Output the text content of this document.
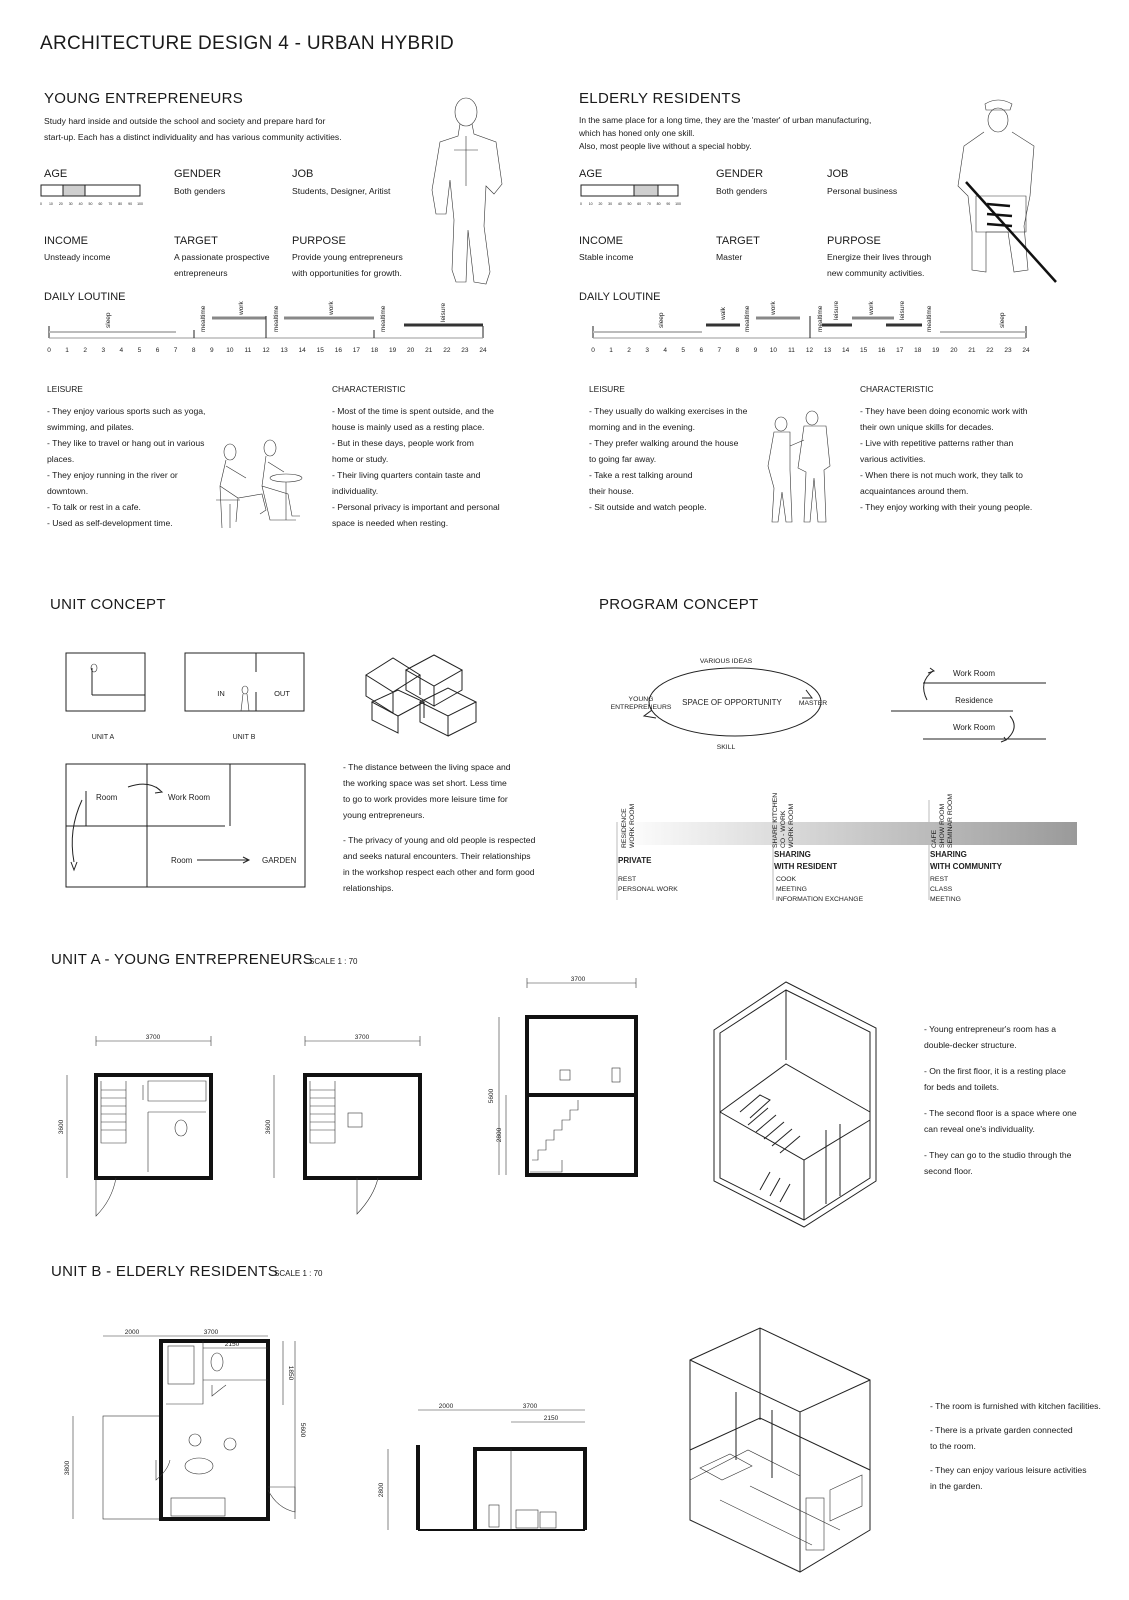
ARCHITECTURE DESIGN 4 - URBAN HYBRID
YOUNG ENTREPRENEURS
Study hard inside and outside the school and society and prepare hard for
start-up. Each has a distinct individuality and has various community activities.
AGE	GENDER
Both genders
JOB
Students, Designer, Aritist
INCOME
Unsteady income
TARGET
A passionate prospective
entrepreneurs
PURPOSE
Provide young entrepreneurs
with opportunities for growth.
DAILY LOUTINE
LEISURE
- They enjoy various sports such as yoga,
swimming, and pilates.
- They like to travel or hang out in various
places.
- They enjoy running in the river or
downtown.
- To talk or rest in a cafe.
- Used as self-development time.
CHARACTERISTIC
- Most of the time is spent outside, and the
house is mainly used as a resting place.
- But in these days, people work from
home or study.
- Their living quarters contain taste and
individuality.
- Personal privacy is important and personal
space is needed when resting.
ELDERLY RESIDENTS
In the same place for a long time, they are the 'master' of urban manufacturing,
which has honed only one skill.
Also, most people live without a special hobby.
AGE	GENDER
Both genders
JOB
Personal business
INCOME
Stable income
TARGET
Master
PURPOSE
Energize their lives through
new community activities.
DAILY LOUTINE
LEISURE
- They usually do walking exercises in the
morning and in the evening.
- They prefer walking around the house
to going far away.
- Take a rest talking around
their house.
- Sit outside and watch people.
CHARACTERISTIC
- They have been doing economic work with
their own unique skills for decades.
- Live with repetitive patterns rather than
various activities.
- When there is not much work, they talk to
acquaintances around them.
- They enjoy working with their young people.
0 10 20 30 40 50 60 70 80 90 100	0 10 20 30 40 50 60 70 80 90 100
sleep	mealtime	work	mealtime	work	mealtime	leisure
0 1 2 3 4 5 6 7 8 9 10 11 12 13 14 15 16 17 18 19 20 21 22 23 24
sleep	walk	mealtime	work	mealtime leisure	work	leisure	mealtime	sleep
0 1 2 3 4 5 6 7 8 9 10 11 12 13 14 15 16 17 18 19 20 21 22 23 24
UNIT CONCEPT
UNIT A
IN	OUT
UNIT B
Room	Work Room
Room	GARDEN
- The distance between the living space and
the working space was set short. Less time
to go to work provides more leisure time for
young entrepreneurs.
- The privacy of young and old people is respected
and seeks natural encounters. Their relationships
in the workshop respect each other and form good
relationships.
PROGRAM CONCEPT
VARIOUS IDEAS
YOUNG
ENTREPRENEURS
SPACE OF OPPORTUNITY MASTER
SKILL
Work Room
Residence
Work Room
RESIDENCE WORK ROOM	SHARE KITCHEN CO - WORK WORK ROOM	CAFE SHOW ROOM SEMINAR ROOM
PRIVATE
REST
PERSONAL WORK
SHARING
WITH RESIDENT
COOK
MEETING
INFORMATION EXCHANGE
SHARING
WITH COMMUNITY
REST
CLASS
MEETING
UNIT A - YOUNG ENTREPRENEURS
SCALE 1 : 70
3700
3600
3700
3600
3700
5600
2800
- Young entrepreneur's room has a
double-decker structure.
- On the first floor, it is a resting place
for beds and toilets.
- The second floor is a space where one
can reveal one's individuality.
- They can go to the studio through the
second floor.
UNIT B - ELDERLY RESIDENTS
SCALE 1 : 70
2000	3700
2150
1850
5600
3800
2000	3700
2150
2800
- The room is furnished with kitchen facilities.
- There is a private garden connected
to the room.
- They can enjoy various leisure activities
in the garden.
